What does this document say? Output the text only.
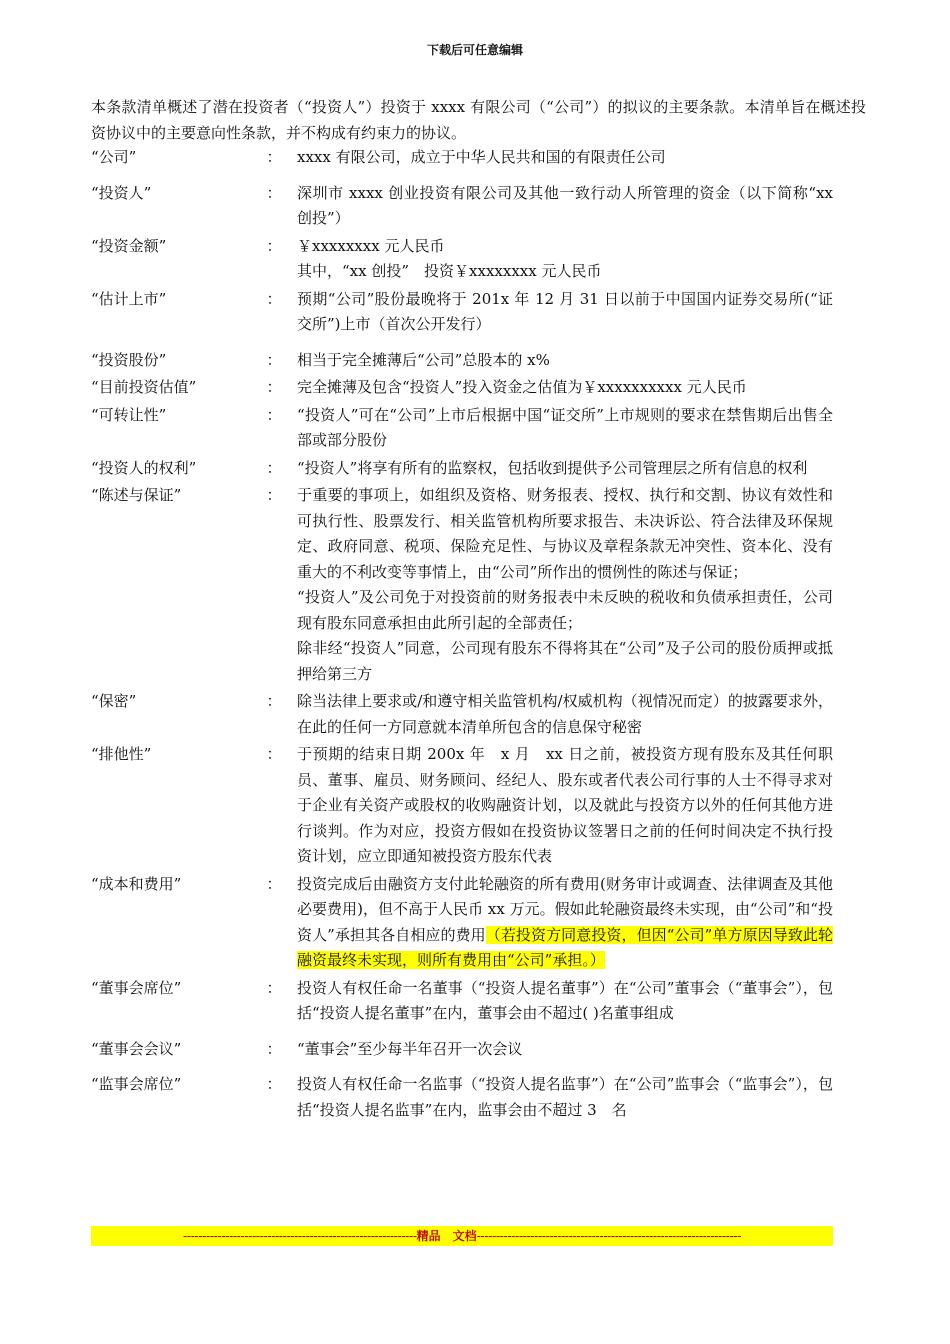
下载后可任意编辑
本条款清单概述了潜在投资者（“投资人”）投资于 xxxx 有限公司（“公司”）的拟议的主要条款。本清单旨在概述投资协议中的主要意向性条款，并不构成有约束力的协议。
“公司”	：	xxxx 有限公司，成立于中华人民共和国的有限责任公司

“投资人”	：	深圳市 xxxx 创业投资有限公司及其他一致行动人所管理的资金（以下简称“xx 创投”）

“投资金额”	：	￥xxxxxxxx 元人民币

其中，“xx 创投”　投资￥xxxxxxxx 元人民币

“估计上市”	：	预期“公司”股份最晚将于 201x 年 12 月 31 日以前于中国国内证券交易所(“证交所”)上市（首次公开发行）

“投资股份”	：	相当于完全摊薄后“公司”总股本的 x%

“目前投资估值”	：	完全摊薄及包含“投资人”投入资金之估值为￥xxxxxxxxxx 元人民币

“可转让性”	：	“投资人”可在“公司”上市后根据中国“证交所”上市规则的要求在禁售期后出售全部或部分股份

“投资人的权利”	：	“投资人”将享有所有的监察权，包括收到提供予公司管理层之所有信息的权利

“陈述与保证”	：	于重要的事项上，如组织及资格、财务报表、授权、执行和交割、协议有效性和可执行性、股票发行、相关监管机构所要求报告、未决诉讼、符合法律及环保规定、政府同意、税项、保险充足性、与协议及章程条款无冲突性、资本化、没有重大的不利改变等事情上，由“公司”所作出的惯例性的陈述与保证；

“投资人”及公司免于对投资前的财务报表中未反映的税收和负债承担责任，公司现有股东同意承担由此所引起的全部责任；

除非经“投资人”同意，公司现有股东不得将其在“公司”及子公司的股份质押或抵押给第三方

“保密”	：	除当法律上要求或/和遵守相关监管机构/权威机构（视情况而定）的披露要求外，在此的任何一方同意就本清单所包含的信息保守秘密

“排他性”	：	于预期的结束日期 200x 年　x 月　xx 日之前，被投资方现有股东及其任何职员、董事、雇员、财务顾问、经纪人、股东或者代表公司行事的人士不得寻求对于企业有关资产或股权的收购融资计划，以及就此与投资方以外的任何其他方进行谈判。作为对应，投资方假如在投资协议签署日之前的任何时间决定不执行投资计划，应立即通知被投资方股东代表

“成本和费用”	：	投资完成后由融资方支付此轮融资的所有费用(财务审计或调查、法律调查及其他必要费用)，但不高于人民币 xx 万元。假如此轮融资最终未实现，由“公司”和“投资人”承担其各自相应的费用（若投资方同意投资，但因“公司”单方原因导致此轮融资最终未实现，则所有费用由“公司”承担。）

“董事会席位”	：	投资人有权任命一名董事（“投资人提名董事”）在“公司”董事会（“董事会”），包括“投资人提名董事”在内，董事会由不超过( )名董事组成

“董事会会议”	：	“董事会”至少每半年召开一次会议

“监事会席位”	：	投资人有权任命一名监事（“投资人提名监事”）在“公司”监事会（“监事会”），包括“投资人提名监事”在内，监事会由不超过 3　名

-------------------------------------------------------------精品　文档---------------------------------------------------------------------
